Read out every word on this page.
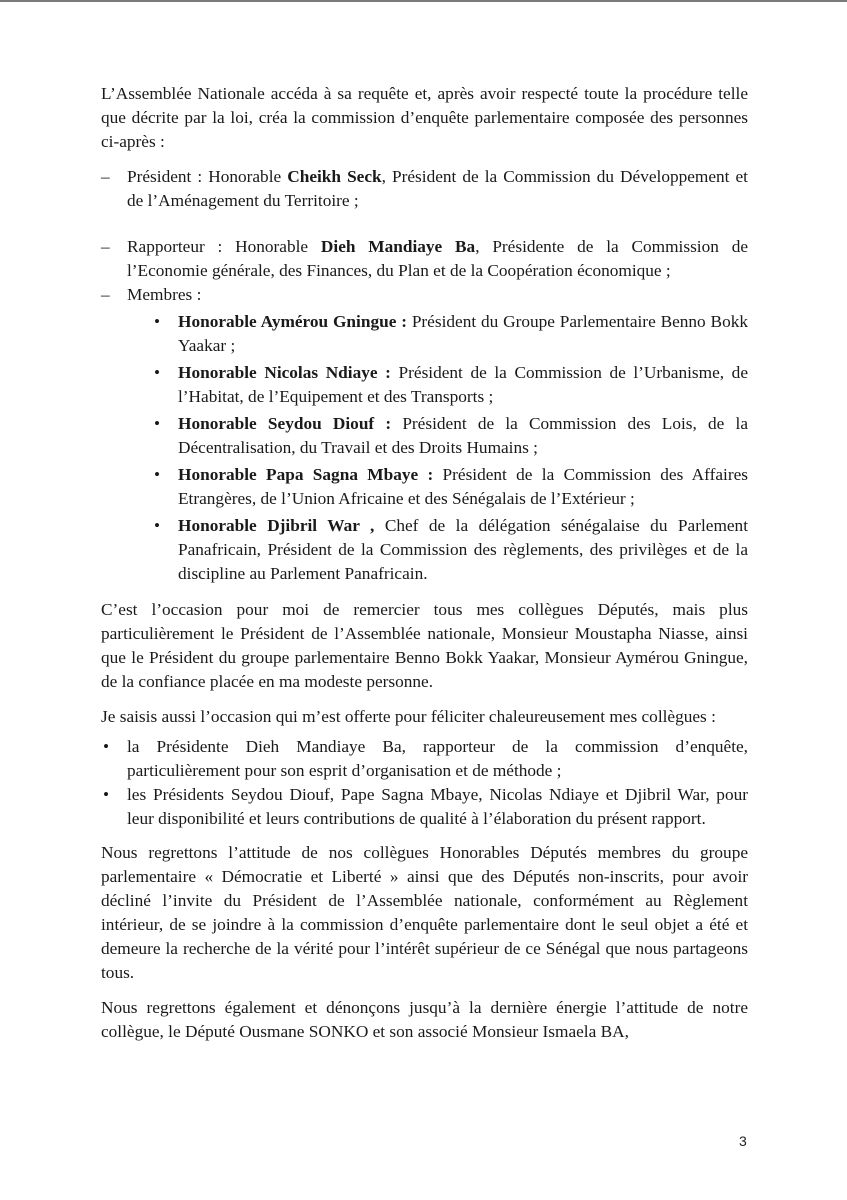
L’Assemblée Nationale accéda à sa requête et, après avoir respecté toute la procédure telle que décrite par la loi, créa la commission d’enquête parlementaire composée des personnes ci-après :

– Président : Honorable Cheikh Seck, Président de la Commission du Développement et de l’Aménagement du Territoire ;

– Rapporteur : Honorable Dieh Mandiaye Ba, Présidente de la Commission de l’Economie générale, des Finances, du Plan et de la Coopération économique ;

– Membres :

• Honorable Aymérou Gningue : Président du Groupe Parlementaire Benno Bokk Yaakar ;
• Honorable Nicolas Ndiaye : Président de la Commission de l’Urbanisme, de l’Habitat, de l’Equipement et des Transports ;
• Honorable Seydou Diouf : Président de la Commission des Lois, de la Décentralisation, du Travail et des Droits Humains ;
• Honorable Papa Sagna Mbaye : Président de la Commission des Affaires Etrangères, de l’Union Africaine et des Sénégalais de l’Extérieur ;
• Honorable Djibril War , Chef de la délégation sénégalaise du Parlement Panafricain, Président de la Commission des règlements, des privilèges et de la discipline au Parlement Panafricain.

C’est l’occasion pour moi de remercier tous mes collègues Députés, mais plus particulièrement le Président de l’Assemblée nationale, Monsieur Moustapha Niasse, ainsi que le Président du groupe parlementaire Benno Bokk Yaakar, Monsieur Aymérou Gningue, de la confiance placée en ma modeste personne.

Je saisis aussi l’occasion qui m’est offerte pour féliciter chaleureusement mes collègues :

• la Présidente Dieh Mandiaye Ba, rapporteur de la commission d’enquête, particulièrement pour son esprit d’organisation et de méthode ;
• les Présidents Seydou Diouf, Pape Sagna Mbaye, Nicolas Ndiaye et Djibril War, pour leur disponibilité et leurs contributions de qualité à l’élaboration du présent rapport.

Nous regrettons l’attitude de nos collègues Honorables Députés membres du groupe parlementaire « Démocratie et Liberté » ainsi que des Députés non-inscrits, pour avoir décliné l’invite du Président de l’Assemblée nationale, conformément au Règlement intérieur, de se joindre à la commission d’enquête parlementaire dont le seul objet a été et demeure la recherche de la vérité pour l’intérêt supérieur de ce Sénégal que nous partageons tous.

Nous regrettons également et dénonçons jusqu’à la dernière énergie l’attitude de notre collègue, le Député Ousmane SONKO et son associé Monsieur Ismaela BA,

3
